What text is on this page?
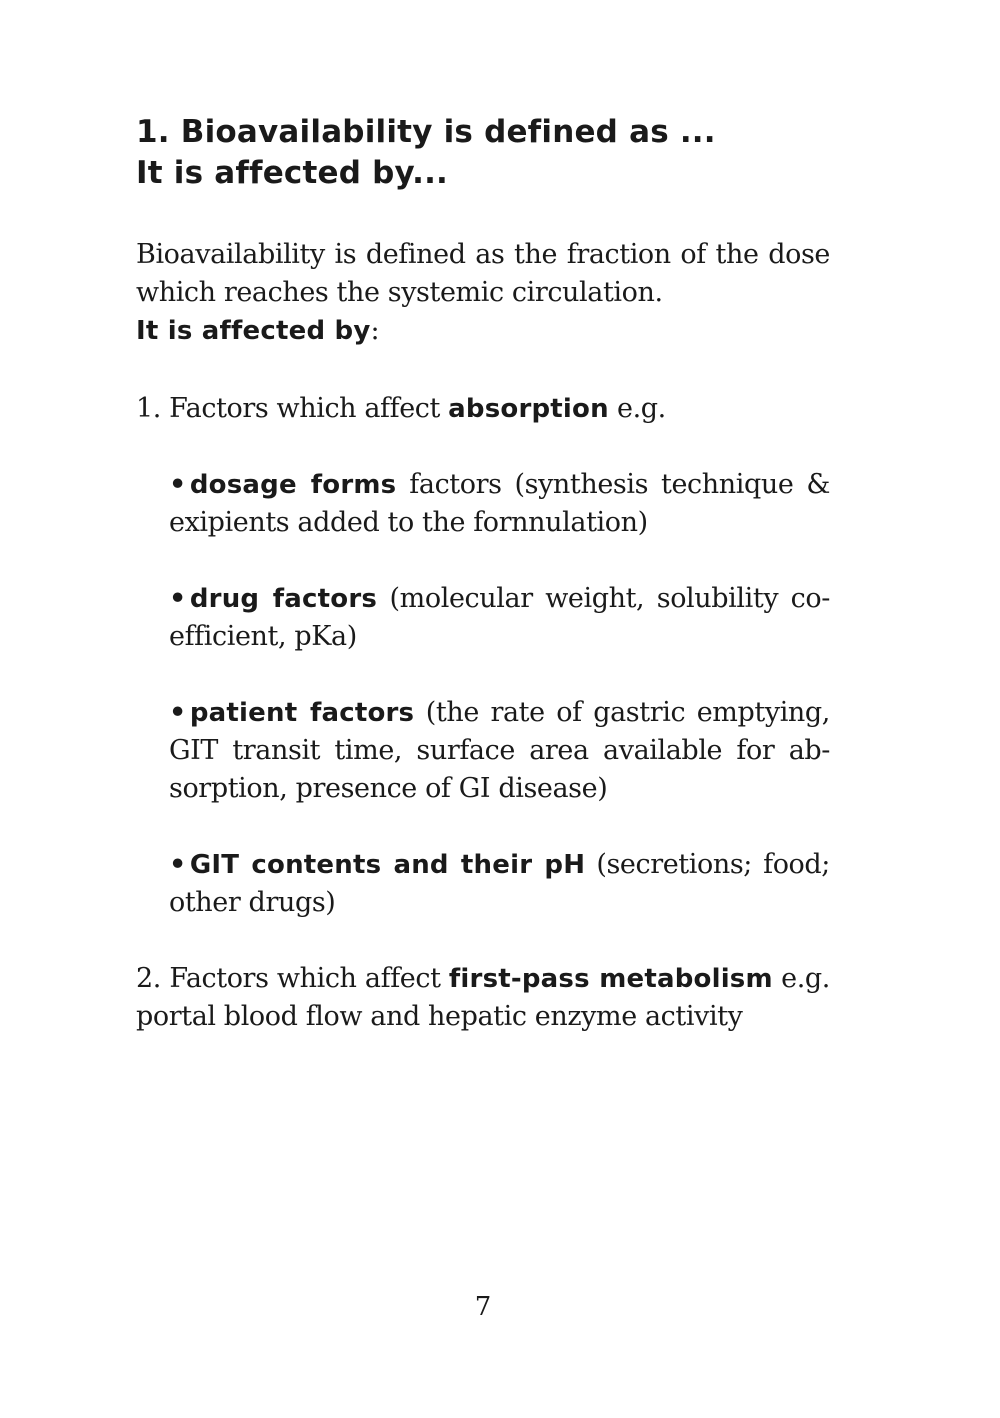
1. Bioavailability is defined as ...
It is affected by...

Bioavailability is defined as the fraction of the dose which reaches the systemic circulation.
It is affected by:

1. Factors which affect absorption e.g.

• dosage forms factors (synthesis technique & exipients added to the fornnulation)
• drug factors (molecular weight, solubility co-efficient, pKa)
• patient factors (the rate of gastric emptying, GIT transit time, surface area available for ab-sorption, presence of GI disease)
• GIT contents and their pH (secretions; food; other drugs)

2. Factors which affect first-pass metabolism e.g. portal blood flow and hepatic enzyme activity

7
